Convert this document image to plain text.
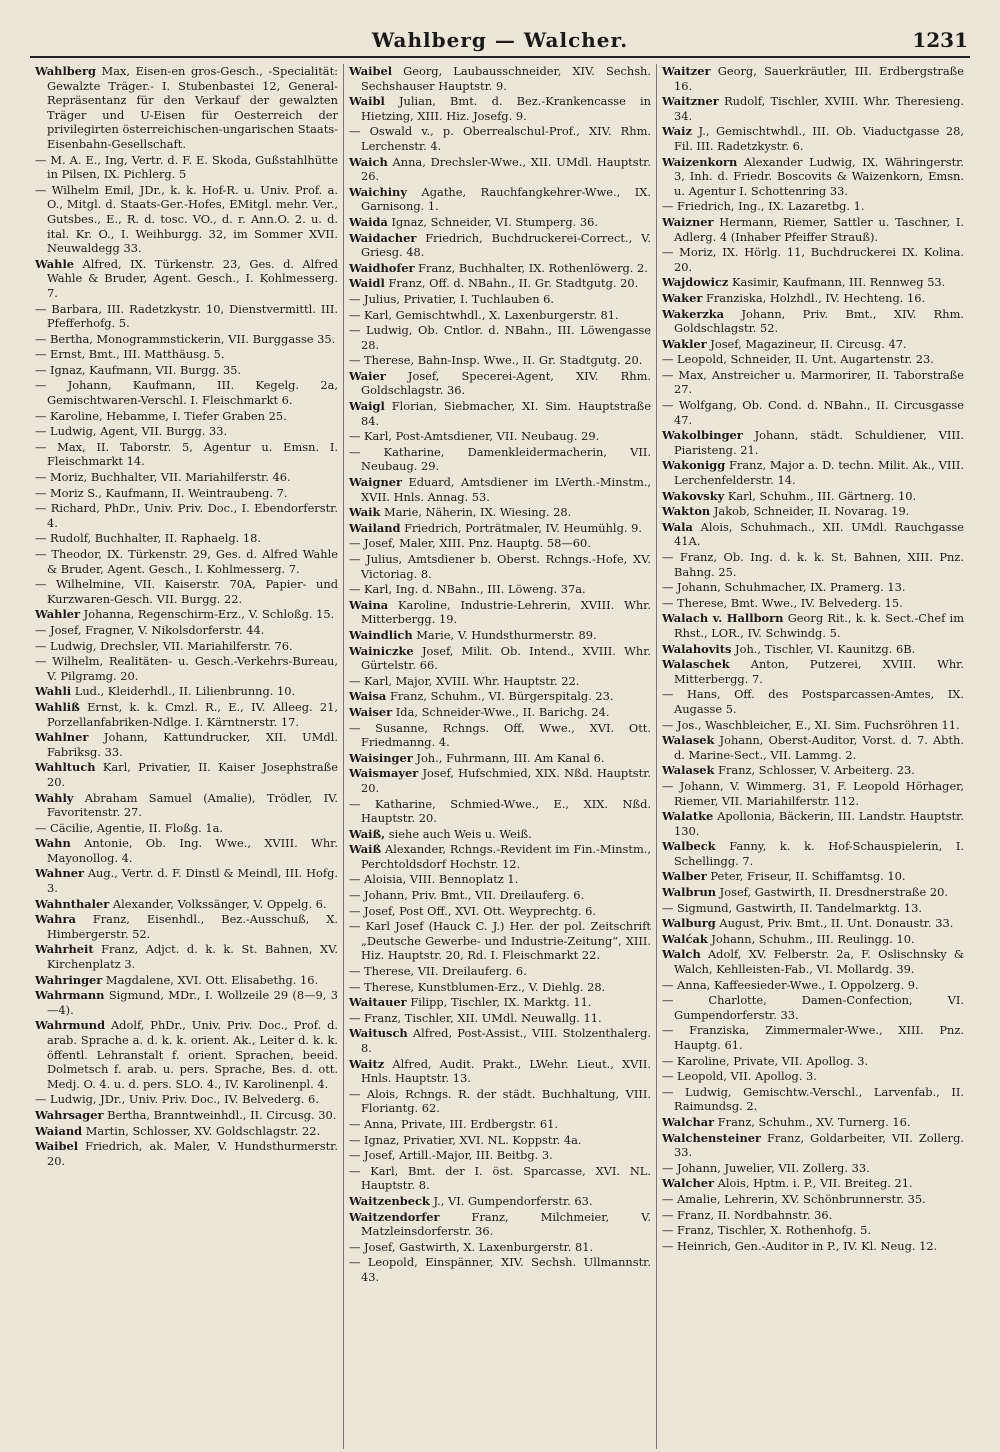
Wahlberg — Walcher.	1231

Wahlberg Max, Eisen-en gros-Gesch., -Specialität: Gewalzte Träger.- I. Stubenbastei 12, General-Repräsentanz für den Verkauf der gewalzten Träger und U-Eisen für Oesterreich der privilegirten österreichischen-ungarischen Staats-Eisenbahn-Gesellschaft.

— M. A. E., Ing, Vertr. d. F. E. Skoda, Gußstahlhütte in Pilsen, IX. Pichlerg. 5

— Wilhelm Emil, JDr., k. k. Hof-R. u. Univ. Prof. a. O., Mitgl. d. Staats-Ger.-Hofes, EMitgl. mehr. Ver., Gutsbes., E., R. d. tosc. VO., d. r. Ann.O. 2. u. d. ital. Kr. O., I. Weihburgg. 32, im Sommer XVII. Neuwaldegg 33.

Wahle Alfred, IX. Türkenstr. 23, Ges. d. Alfred Wahle & Bruder, Agent. Gesch., I. Kohlmesserg. 7.

— Barbara, III. Radetzkystr. 10, Dienstvermittl. III. Pfefferhofg. 5.

— Bertha, Monogrammstickerin, VII. Burggasse 35.

— Ernst, Bmt., III. Matthäusg. 5.

— Ignaz, Kaufmann, VII. Burgg. 35.

— Johann, Kaufmann, III. Kegelg. 2a, Gemischtwaren-Verschl. I. Fleischmarkt 6.

— Karoline, Hebamme, I. Tiefer Graben 25.

— Ludwig, Agent, VII. Burgg. 33.

— Max, II. Taborstr. 5, Agentur u. Emsn. I. Fleischmarkt 14.

— Moriz, Buchhalter, VII. Mariahilferstr. 46.

— Moriz S., Kaufmann, II. Weintraubeng. 7.

— Richard, PhDr., Univ. Priv. Doc., I. Ebendorferstr. 4.

— Rudolf, Buchhalter, II. Raphaelg. 18.

— Theodor, IX. Türkenstr. 29, Ges. d. Alfred Wahle & Bruder, Agent. Gesch., I. Kohlmesserg. 7.

— Wilhelmine, VII. Kaiserstr. 70A, Papier- und Kurzwaren-Gesch. VII. Burgg. 22.

Wahler Johanna, Regenschirm-Erz., V. Schloßg. 15.

— Josef, Fragner, V. Nikolsdorferstr. 44.

— Ludwig, Drechsler, VII. Mariahilferstr. 76.

— Wilhelm, Realitäten- u. Gesch.-Verkehrs-Bureau, V. Pilgramg. 20.

Wahli Lud., Kleiderhdl., II. Lilienbrunng. 10.

Wahliß Ernst, k. k. Cmzl. R., E., IV. Alleeg. 21, Porzellanfabriken-Ndlge. I. Kärntnerstr. 17.

Wahlner Johann, Kattundrucker, XII. UMdl. Fabriksg. 33.

Wahltuch Karl, Privatier, II. Kaiser Josephstraße 20.

Wahly Abraham Samuel (Amalie), Trödler, IV. Favoritenstr. 27.

— Cäcilie, Agentie, II. Floßg. 1a.

Wahn Antonie, Ob. Ing. Wwe., XVIII. Whr. Mayonollog. 4.

Wahner Aug., Vertr. d. F. Dinstl & Meindl, III. Hofg. 3.

Wahnthaler Alexander, Volkssänger, V. Oppelg. 6.

Wahra Franz, Eisenhdl., Bez.-Ausschuß, X. Himbergerstr. 52.

Wahrheit Franz, Adjct. d. k. k. St. Bahnen, XV. Kirchenplatz 3.

Wahringer Magdalene, XVI. Ott. Elisabethg. 16.

Wahrmann Sigmund, MDr., I. Wollzeile 29 (8—9, 3—4).

Wahrmund Adolf, PhDr., Univ. Priv. Doc., Prof. d. arab. Sprache a. d. k. k. orient. Ak., Leiter d. k. k. öffentl. Lehranstalt f. orient. Sprachen, beeid. Dolmetsch f. arab. u. pers. Sprache, Bes. d. ott. Medj. O. 4. u. d. pers. SLO. 4., IV. Karolinenpl. 4.

— Ludwig, JDr., Univ. Priv. Doc., IV. Belvederg. 6.

Wahrsager Bertha, Branntweinhdl., II. Circusg. 30.

Waiand Martin, Schlosser, XV. Goldschlagstr. 22.

Waibel Friedrich, ak. Maler, V. Hundsthurmerstr. 20.

Waibel Georg, Laubausschneider, XIV. Sechsh. Sechshauser Hauptstr. 9.

Waibl Julian, Bmt. d. Bez.-Krankencasse in Hietzing, XIII. Hiz. Josefg. 9.

— Oswald v., p. Oberrealschul-Prof., XIV. Rhm. Lerchenstr. 4.

Waich Anna, Drechsler-Wwe., XII. UMdl. Hauptstr. 26.

Waichiny Agathe, Rauchfangkehrer-Wwe., IX. Garnisong. 1.

Waida Ignaz, Schneider, VI. Stumperg. 36.

Waidacher Friedrich, Buchdruckerei-Correct., V. Griesg. 48.

Waidhofer Franz, Buchhalter, IX. Rothenlöwerg. 2.

Waidl Franz, Off. d. NBahn., II. Gr. Stadtgutg. 20.

— Julius, Privatier, I. Tuchlauben 6.

— Karl, Gemischtwhdl., X. Laxenburgerstr. 81.

— Ludwig, Ob. Cntlor. d. NBahn., III. Löwengasse 28.

— Therese, Bahn-Insp. Wwe., II. Gr. Stadtgutg. 20.

Waier Josef, Specerei-Agent, XIV. Rhm. Goldschlagstr. 36.

Waigl Florian, Siebmacher, XI. Sim. Hauptstraße 84.

— Karl, Post-Amtsdiener, VII. Neubaug. 29.

— Katharine, Damenkleidermacherin, VII. Neubaug. 29.

Waigner Eduard, Amtsdiener im LVerth.-Minstm., XVII. Hnls. Annag. 53.

Waik Marie, Näherin, IX. Wiesing. 28.

Wailand Friedrich, Porträtmaler, IV. Heumühlg. 9.

— Josef, Maler, XIII. Pnz. Hauptg. 58—60.

— Julius, Amtsdiener b. Oberst. Rchngs.-Hofe, XV. Victoriag. 8.

— Karl, Ing. d. NBahn., III. Löweng. 37a.

Waina Karoline, Industrie-Lehrerin, XVIII. Whr. Mitterbergg. 19.

Waindlich Marie, V. Hundsthurmerstr. 89.

Wainiczke Josef, Milit. Ob. Intend., XVIII. Whr. Gürtelstr. 66.

— Karl, Major, XVIII. Whr. Hauptstr. 22.

Waisa Franz, Schuhm., VI. Bürgerspitalg. 23.

Waiser Ida, Schneider-Wwe., II. Barichg. 24.

— Susanne, Rchngs. Off. Wwe., XVI. Ott. Friedmanng. 4.

Waisinger Joh., Fuhrmann, III. Am Kanal 6.

Waismayer Josef, Hufschmied, XIX. Nßd. Hauptstr. 20.

— Katharine, Schmied-Wwe., E., XIX. Nßd. Hauptstr. 20.

Waiß, siehe auch Weis u. Weiß.

Waiß Alexander, Rchngs.-Revident im Fin.-Minstm., Perchtoldsdorf Hochstr. 12.

— Aloisia, VIII. Bennoplatz 1.

— Johann, Priv. Bmt., VII. Dreilauferg. 6.

— Josef, Post Off., XVI. Ott. Weyprechtg. 6.

— Karl Josef (Hauck C. J.) Her. der pol. Zeitschrift „Deutsche Gewerbe- und Industrie-Zeitung“, XIII. Hiz. Hauptstr. 20, Rd. I. Fleischmarkt 22.

— Therese, VII. Dreilauferg. 6.

— Therese, Kunstblumen-Erz., V. Diehlg. 28.

Waitauer Filipp, Tischler, IX. Marktg. 11.

— Franz, Tischler, XII. UMdl. Neuwallg. 11.

Waitusch Alfred, Post-Assist., VIII. Stolzenthalerg. 8.

Waitz Alfred, Audit. Prakt., LWehr. Lieut., XVII. Hnls. Hauptstr. 13.

— Alois, Rchngs. R. der städt. Buchhaltung, VIII. Floriantg. 62.

— Anna, Private, III. Erdbergstr. 61.

— Ignaz, Privatier, XVI. NL. Koppstr. 4a.

— Josef, Artill.-Major, III. Beitbg. 3.

— Karl, Bmt. der I. öst. Sparcasse, XVI. NL. Hauptstr. 8.

Waitzenbeck J., VI. Gumpendorferstr. 63.

Waitzendorfer	Franz, Milchmeier, V. Matzleinsdorferstr. 36.

— Josef, Gastwirth, X. Laxenburgerstr. 81.

— Leopold, Einspänner, XIV. Sechsh. Ullmannstr. 43.

Waitzer Georg, Sauerkräutler, III. Erdbergstraße 16.

Waitzner Rudolf, Tischler, XVIII. Whr. Theresieng. 34.

Waiz J., Gemischtwhdl., III. Ob. Viaductgasse 28, Fil. III. Radetzkystr. 6.

Waizenkorn Alexander Ludwig, IX. Währingerstr. 3, Inh. d. Friedr. Boscovits & Waizenkorn, Emsn. u. Agentur I. Schottenring 33.

— Friedrich, Ing., IX. Lazaretbg. 1.

Waizner Hermann, Riemer, Sattler u. Taschner, I. Adlerg. 4 (Inhaber Pfeiffer Strauß).

— Moriz, IX. Hörlg. 11, Buchdruckerei IX. Kolina. 20.

Wajdowicz Kasimir, Kaufmann, III. Rennweg 53.

Waker Franziska, Holzhdl., IV. Hechteng. 16.

Wakerzka Johann, Priv. Bmt., XIV. Rhm. Goldschlagstr. 52.

Wakler Josef, Magazineur, II. Circusg. 47.

— Leopold, Schneider, II. Unt. Augartenstr. 23.

— Max, Anstreicher u. Marmorirer, II. Taborstraße 27.

— Wolfgang, Ob. Cond. d. NBahn., II. Circusgasse 47.

Wakolbinger Johann, städt. Schuldiener, VIII. Piaristeng. 21.

Wakonigg Franz, Major a. D. techn. Milit. Ak., VIII. Lerchenfelderstr. 14.

Wakovsky Karl, Schuhm., III. Gärtnerg. 10.

Wakton Jakob, Schneider, II. Novarag. 19.

Wala Alois, Schuhmach., XII. UMdl. Rauchgasse 41A.

— Franz, Ob. Ing. d. k. k. St. Bahnen, XIII. Pnz. Bahng. 25.

— Johann, Schuhmacher, IX. Pramerg. 13.

— Therese, Bmt. Wwe., IV. Belvederg. 15.

Walach v. Hallborn Georg Rit., k. k. Sect.-Chef im Rhst., LOR., IV. Schwindg. 5.

Walahovits Joh., Tischler, VI. Kaunitzg. 6B.

Walaschek Anton, Putzerei, XVIII. Whr. Mitterbergg. 7.

— Hans, Off. des Postsparcassen-Amtes, IX. Augasse 5.

— Jos., Waschbleicher, E., XI. Sim. Fuchsröhren 11.

Walasek Johann, Oberst-Auditor, Vorst. d. 7. Abth. d. Marine-Sect., VII. Lammg. 2.

Walasek Franz, Schlosser, V. Arbeiterg. 23.

— Johann, V. Wimmerg. 31, F. Leopold Hörhager, Riemer, VII. Mariahilferstr. 112.

Walatke Apollonia, Bäckerin, III. Landstr. Hauptstr. 130.

Walbeck Fanny, k. k. Hof-Schauspielerin, I. Schellingg. 7.

Walber Peter, Friseur, II. Schiffamtsg. 10.

Walbrun Josef, Gastwirth, II. Dresdnerstraße 20.

— Sigmund, Gastwirth, II. Tandelmarktg. 13.

Walburg August, Priv. Bmt., II. Unt. Donaustr. 33.

Walćak Johann, Schuhm., III. Reulingg. 10.

Walch Adolf, XV. Felberstr. 2a, F. Oslischnsky & Walch, Kehlleisten-Fab., VI. Mollardg. 39.

— Anna, Kaffeesieder-Wwe., I. Oppolzerg. 9.

— Charlotte, Damen-Confection, VI. Gumpendorferstr. 33.

— Franziska, Zimmermaler-Wwe., XIII. Pnz. Hauptg. 61.

— Karoline, Private, VII. Apollog. 3.

— Leopold, VII. Apollog. 3.

— Ludwig, Gemischtw.-Verschl., Larvenfab., II. Raimundsg. 2.

Walchar Franz, Schuhm., XV. Turnerg. 16.

Walchensteiner Franz, Goldarbeiter, VII. Zollerg. 33.

— Johann, Juwelier, VII. Zollerg. 33.

Walcher Alois, Hptm. i. P., VII. Breiteg. 21.

— Amalie, Lehrerin, XV. Schönbrunnerstr. 35.

— Franz, II. Nordbahnstr. 36.

— Franz, Tischler, X. Rothenhofg. 5.

— Heinrich, Gen.-Auditor in P., IV. Kl. Neug. 12.
